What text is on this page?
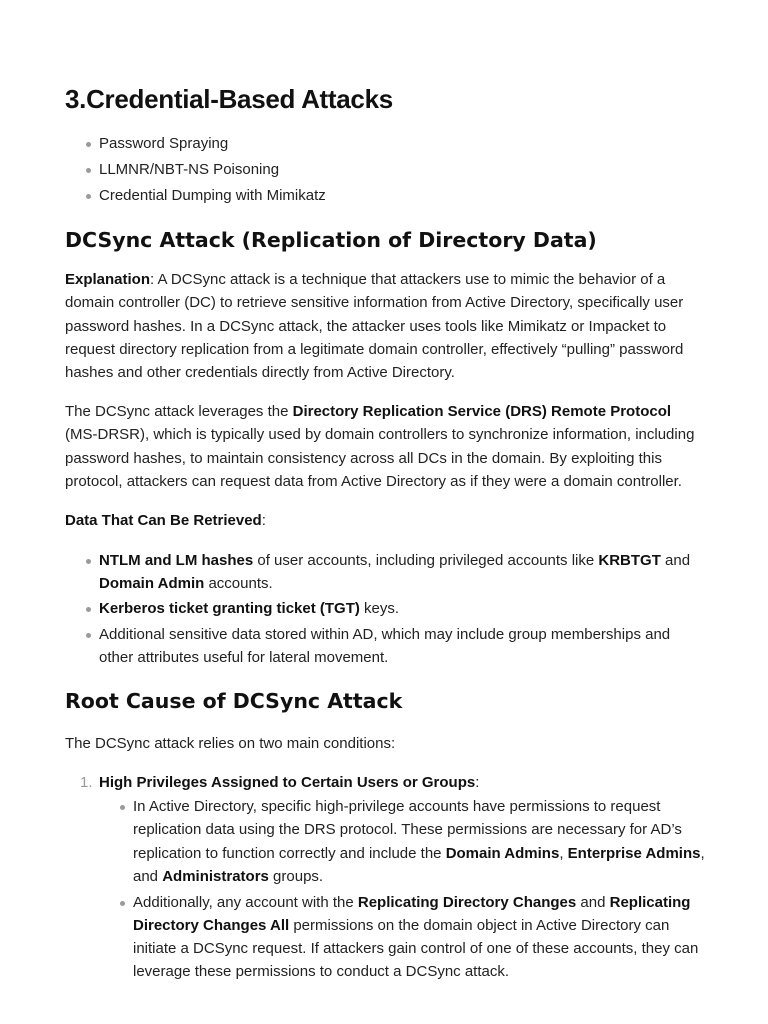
3.Credential-Based Attacks
Password Spraying
LLMNR/NBT-NS Poisoning
Credential Dumping with Mimikatz
DCSync Attack (Replication of Directory Data)

Explanation: A DCSync attack is a technique that attackers use to mimic the behavior of a domain controller (DC) to retrieve sensitive information from Active Directory, specifically user password hashes. In a DCSync attack, the attacker uses tools like Mimikatz or Impacket to request directory replication from a legitimate domain controller, effectively “pulling” password hashes and other credentials directly from Active Directory.

The DCSync attack leverages the Directory Replication Service (DRS) Remote Protocol (MS-DRSR), which is typically used by domain controllers to synchronize information, including password hashes, to maintain consistency across all DCs in the domain. By exploiting this protocol, attackers can request data from Active Directory as if they were a domain controller.

Data That Can Be Retrieved:

NTLM and LM hashes of user accounts, including privileged accounts like KRBTGT and Domain Admin accounts.
Kerberos ticket granting ticket (TGT) keys.
Additional sensitive data stored within AD, which may include group memberships and other attributes useful for lateral movement.
Root Cause of DCSync Attack

The DCSync attack relies on two main conditions:

1. High Privileges Assigned to Certain Users or Groups:
In Active Directory, specific high-privilege accounts have permissions to request replication data using the DRS protocol. These permissions are necessary for AD’s replication to function correctly and include the Domain Admins, Enterprise Admins, and Administrators groups.
Additionally, any account with the Replicating Directory Changes and Replicating Directory Changes All permissions on the domain object in Active Directory can initiate a DCSync request. If attackers gain control of one of these accounts, they can leverage these permissions to conduct a DCSync attack.
